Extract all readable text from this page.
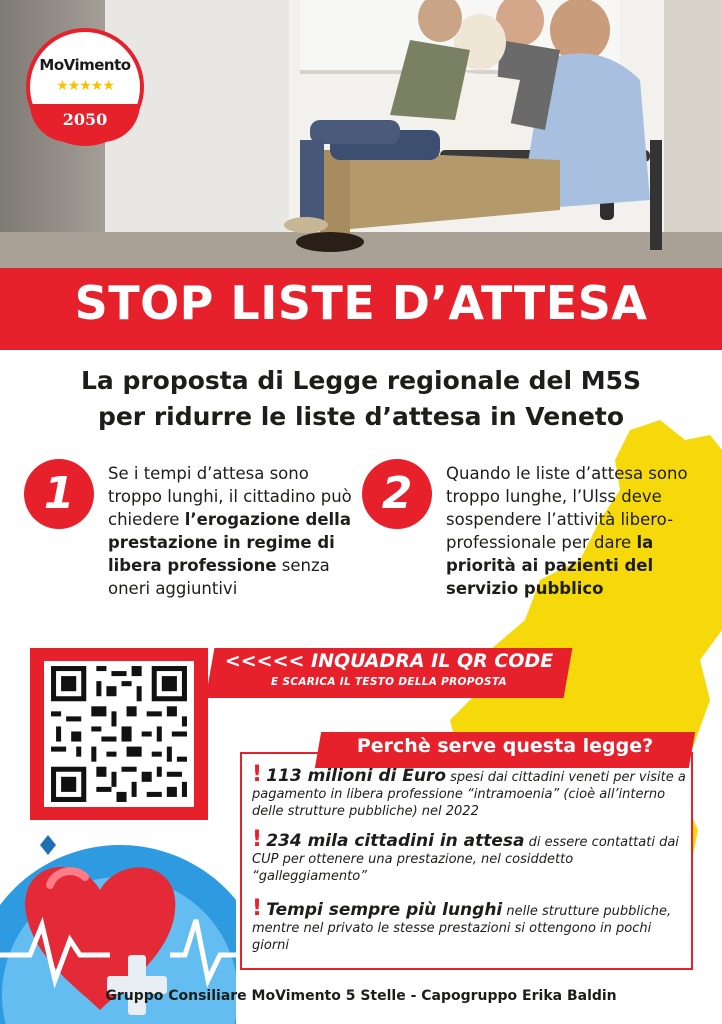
MoVimento
★★★★★
2050
STOP LISTE D’ATTESA
La proposta di Legge regionale del M5S
per ridurre le liste d’attesa in Veneto
1	Se i tempi d’attesa sono troppo lunghi, il cittadino può chiedere l’erogazione della prestazione in regime di libera professione senza oneri aggiuntivi
2	Quando le liste d’attesa sono troppo lunghe, l’Ulss deve sospendere l’attività libero-professionale per dare la priorità ai pazienti del servizio pubblico
<<<<< INQUADRA IL QR CODE
E SCARICA IL TESTO DELLA PROPOSTA
Perchè serve questa legge?
! 113 milioni di Euro spesi dai cittadini veneti per visite a pagamento in libera professione “intramoenia” (cioè all’interno delle strutture pubbliche) nel 2022
! 234 mila cittadini in attesa di essere contattati dai CUP per ottenere una prestazione, nel cosiddetto “galleggiamento”
! Tempi sempre più lunghi nelle strutture pubbliche, mentre nel privato le stesse prestazioni si ottengono in pochi giorni
Gruppo Consiliare MoVimento 5 Stelle - Capogruppo Erika Baldin
